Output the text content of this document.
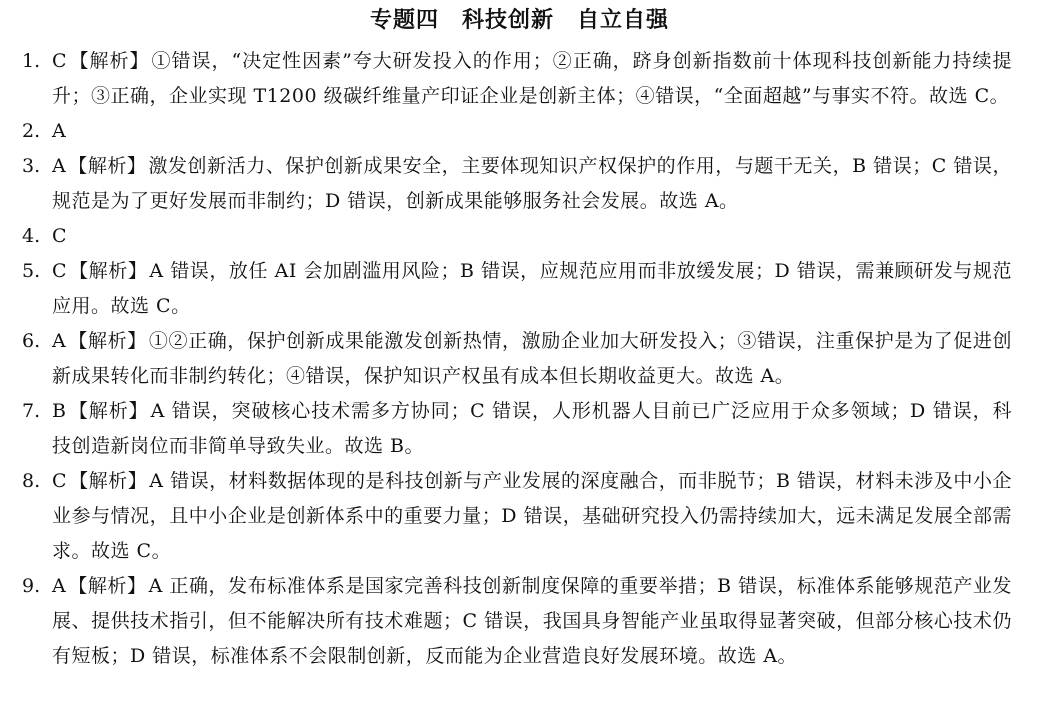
专题四　科技创新　自立自强
1. C 【解析】 ①错误，“决定性因素”夸大研发投入的作用；②正确，跻身创新指数前十体现科技创新能力持续提升；③正确，企业实现 T1200 级碳纤维量产印证企业是创新主体；④错误，“全面超越”与事实不符。故选 C。
2. A
3. A 【解析】 激发创新活力、保护创新成果安全，主要体现知识产权保护的作用，与题干无关，B 错误；C 错误，规范是为了更好发展而非制约；D 错误，创新成果能够服务社会发展。故选 A。
4. C
5. C 【解析】 A 错误，放任 AI 会加剧滥用风险；B 错误，应规范应用而非放缓发展；D 错误，需兼顾研发与规范应用。故选 C。
6. A 【解析】 ①②正确，保护创新成果能激发创新热情，激励企业加大研发投入；③错误，注重保护是为了促进创新成果转化而非制约转化；④错误，保护知识产权虽有成本但长期收益更大。故选 A。
7. B 【解析】 A 错误，突破核心技术需多方协同；C 错误，人形机器人目前已广泛应用于众多领域；D 错误，科技创造新岗位而非简单导致失业。故选 B。
8. C 【解析】 A 错误，材料数据体现的是科技创新与产业发展的深度融合，而非脱节；B 错误，材料未涉及中小企业参与情况，且中小企业是创新体系中的重要力量；D 错误，基础研究投入仍需持续加大，远未满足发展全部需求。故选 C。
9. A 【解析】 A 正确，发布标准体系是国家完善科技创新制度保障的重要举措；B 错误，标准体系能够规范产业发展、提供技术指引，但不能解决所有技术难题；C 错误，我国具身智能产业虽取得显著突破，但部分核心技术仍有短板；D 错误，标准体系不会限制创新，反而能为企业营造良好发展环境。故选 A。
